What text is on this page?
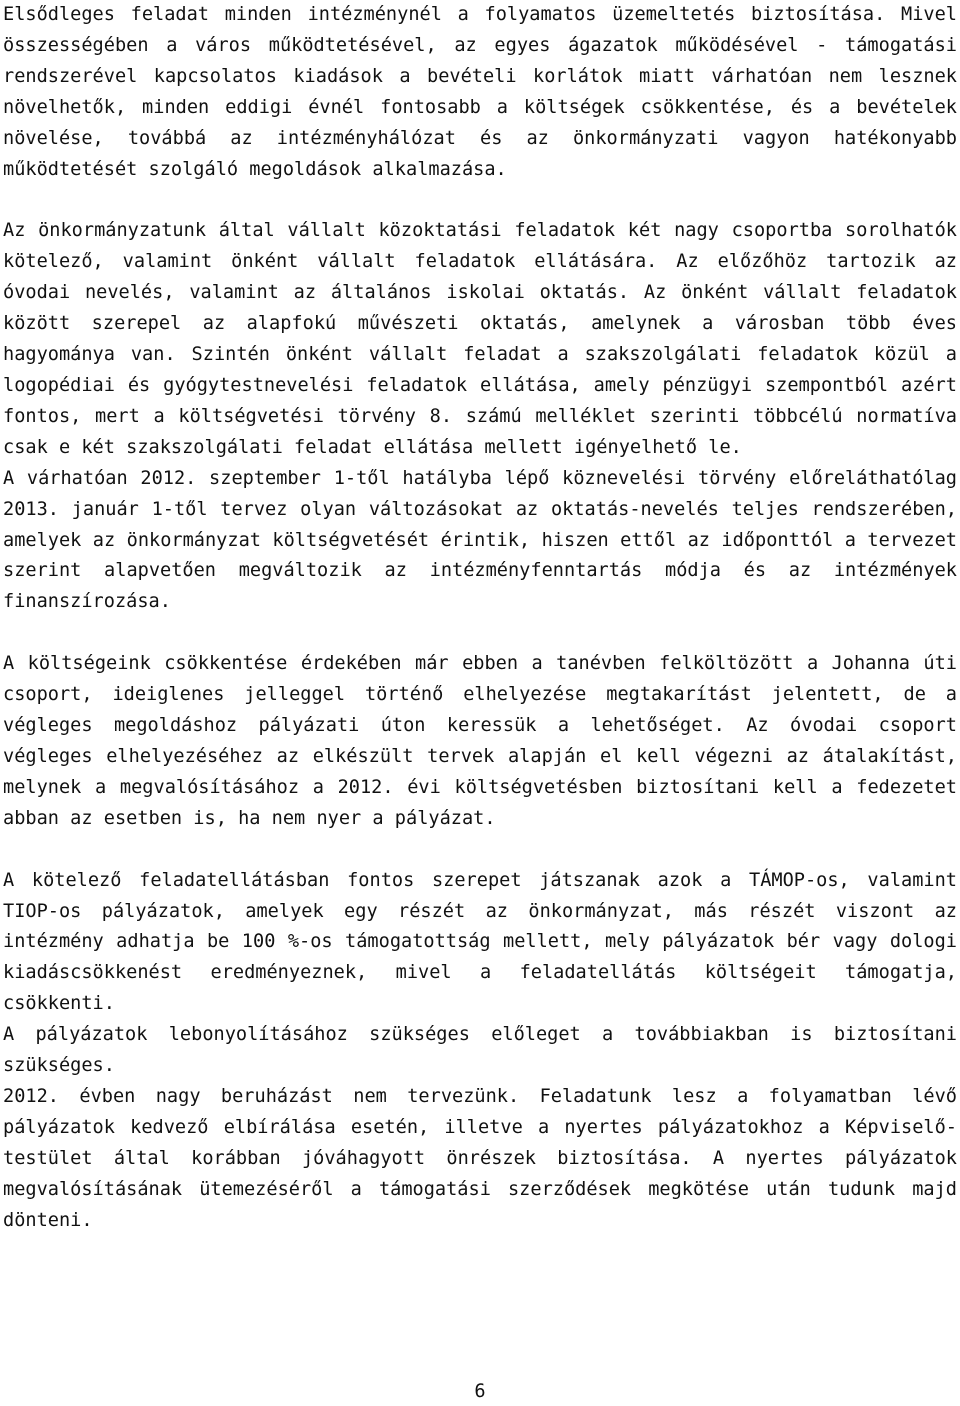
Elsődleges feladat minden intézménynél a folyamatos üzemeltetés biztosítása. Mivel összességében a város működtetésével, az egyes ágazatok működésével - támogatási rendszerével kapcsolatos kiadások a bevételi korlátok miatt várhatóan nem lesznek növelhetők, minden eddigi évnél fontosabb a költségek csökkentése, és a bevételek növelése, továbbá az intézményhálózat és az önkormányzati vagyon hatékonyabb működtetését szolgáló megoldások alkalmazása.

Az önkormányzatunk által vállalt közoktatási feladatok két nagy csoportba sorolhatók kötelező, valamint önként vállalt feladatok ellátására. Az előzőhöz tartozik az óvodai nevelés, valamint az általános iskolai oktatás. Az önként vállalt feladatok között szerepel az alapfokú művészeti oktatás, amelynek a városban több éves hagyománya van. Szintén önként vállalt feladat a szakszolgálati feladatok közül a logopédiai és gyógytestnevelési feladatok ellátása, amely pénzügyi szempontból azért fontos, mert a költségvetési törvény 8. számú melléklet szerinti többcélú normatíva csak e két szakszolgálati feladat ellátása mellett igényelhető le.

A várhatóan 2012. szeptember 1-től hatályba lépő köznevelési törvény előreláthatólag 2013. január 1-től tervez olyan változásokat az oktatás-nevelés teljes rendszerében, amelyek az önkormányzat költségvetését érintik, hiszen ettől az időponttól a tervezet szerint alapvetően megváltozik az intézményfenntartás módja és az intézmények finanszírozása.

A költségeink csökkentése érdekében már ebben a tanévben felköltözött a Johanna úti csoport, ideiglenes jelleggel történő elhelyezése megtakarítást jelentett, de a végleges megoldáshoz pályázati úton keressük a lehetőséget. Az óvodai csoport végleges elhelyezéséhez az elkészült tervek alapján el kell végezni az átalakítást, melynek a megvalósításához a 2012. évi költségvetésben biztosítani kell a fedezetet abban az esetben is, ha nem nyer a pályázat.

A kötelező feladatellátásban fontos szerepet játszanak azok a TÁMOP-os, valamint TIOP-os pályázatok, amelyek egy részét az önkormányzat, más részét viszont az intézmény adhatja be 100 %-os támogatottság mellett, mely pályázatok bér vagy dologi kiadáscsökkenést eredményeznek, mivel a feladatellátás költségeit támogatja, csökkenti.

A pályázatok lebonyolításához szükséges előleget a továbbiakban is biztosítani szükséges.

2012. évben nagy beruházást nem tervezünk. Feladatunk lesz a folyamatban lévő pályázatok kedvező elbírálása esetén, illetve a nyertes pályázatokhoz a Képviselő-testület által korábban jóváhagyott önrészek biztosítása. A nyertes pályázatok megvalósításának ütemezéséről a támogatási szerződések megkötése után tudunk majd dönteni.

6
